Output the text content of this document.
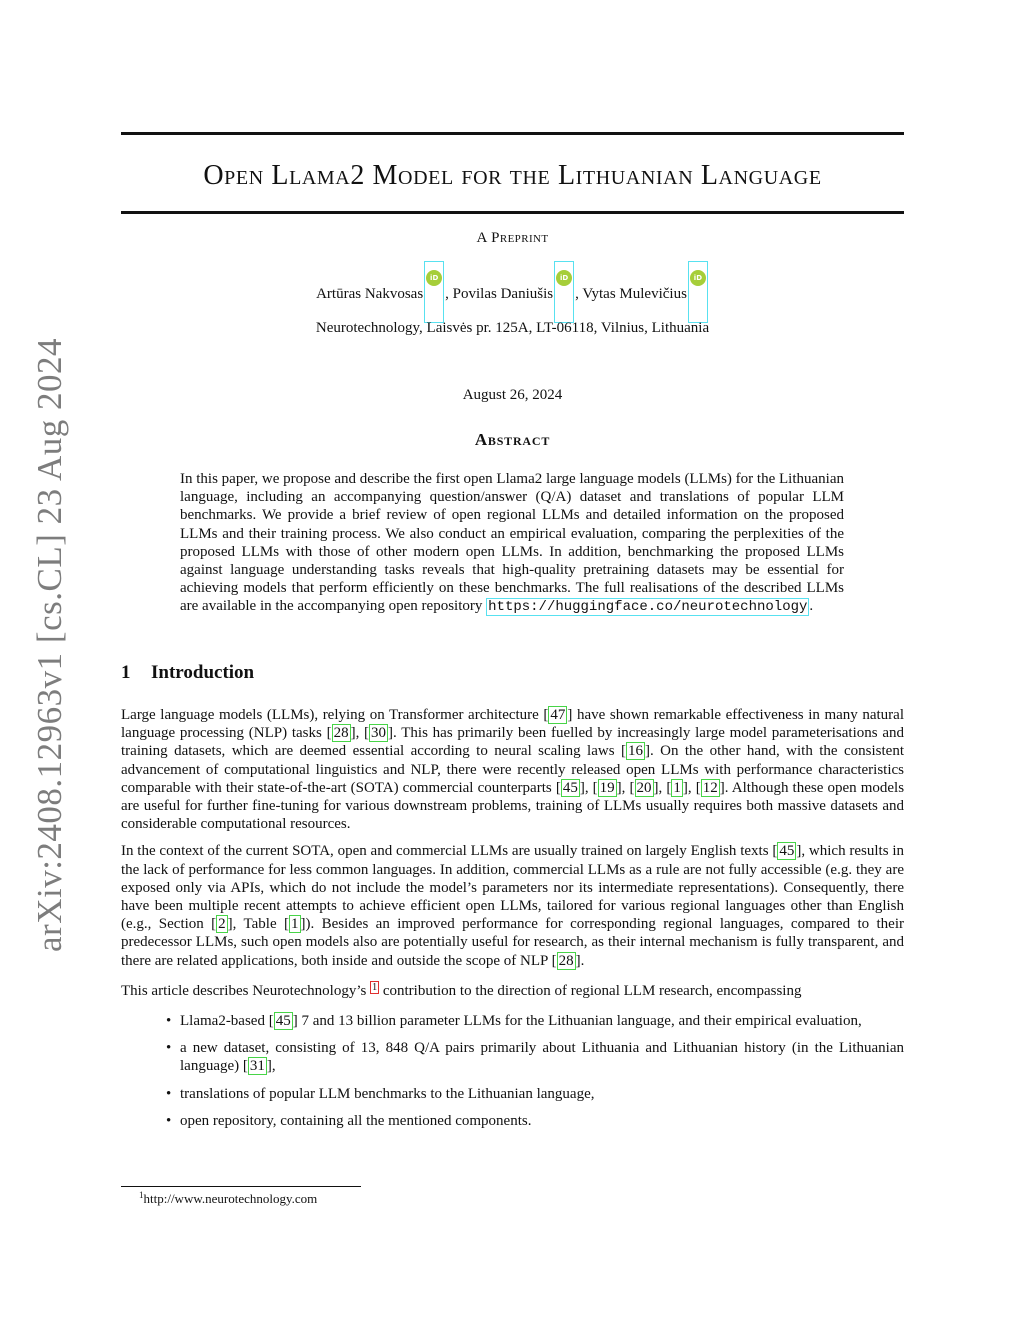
arXiv:2408.12963v1 [cs.CL] 23 Aug 2024
Open Llama2 Model for the Lithuanian Language
A Preprint
Artūras Nakvosas
iD
, Povilas Daniušis
iD
, Vytas Mulevičius
iD
Neurotechnology, Laisvės pr. 125A, LT-06118, Vilnius, Lithuania
August 26, 2024
Abstract

In this paper, we propose and describe the first open Llama2 large language models (LLMs) for the Lithuanian language, including an accompanying question/answer (Q/A) dataset and translations of popular LLM benchmarks. We provide a brief review of open regional LLMs and detailed information on the proposed LLMs and their training process. We also conduct an empirical evaluation, comparing the perplexities of the proposed LLMs with those of other modern open LLMs. In addition, benchmarking the proposed LLMs against language understanding tasks reveals that high-quality pretraining datasets may be essential for achieving models that perform efficiently on these benchmarks. The full realisations of the described LLMs are available in the accompanying open repository https://huggingface.co/neurotechnology .

1 Introduction

Large language models (LLMs), relying on Transformer architecture [ 47 ] have shown remarkable effectiveness in many natural language processing (NLP) tasks [ 28 ], [ 30 ]. This has primarily been fuelled by increasingly large model parameterisations and training datasets, which are deemed essential according to neural scaling laws [ 16 ]. On the other hand, with the consistent advancement of computational linguistics and NLP, there were recently released open LLMs with performance characteristics comparable with their state-of-the-art (SOTA) commercial counterparts [ 45 ], [ 19 ], [ 20 ], [ 1 ], [ 12 ]. Although these open models are useful for further fine-tuning for various downstream problems, training of LLMs usually requires both massive datasets and considerable computational resources.

In the context of the current SOTA, open and commercial LLMs are usually trained on largely English texts [ 45 ], which results in the lack of performance for less common languages. In addition, commercial LLMs as a rule are not fully accessible (e.g. they are exposed only via APIs, which do not include the model’s parameters nor its intermediate representations). Consequently, there have been multiple recent attempts to achieve efficient open LLMs, tailored for various regional languages other than English (e.g., Section [ 2 ], Table [ 1 ]). Besides an improved performance for corresponding regional languages, compared to their predecessor LLMs, such open models also are potentially useful for research, as their internal mechanism is fully transparent, and there are related applications, both inside and outside the scope of NLP [ 28 ].

This article describes Neurotechnology’s $^1$ contribution to the direction of regional LLM research, encompassing

• Llama2-based [ 45 ] 7 and 13 billion parameter LLMs for the Lithuanian language, and their empirical evaluation,
• a new dataset, consisting of 13, 848 Q/A pairs primarily about Lithuania and Lithuanian history (in the Lithuanian language) [ 31 ],
• translations of popular LLM benchmarks to the Lithuanian language,
• open repository, containing all the mentioned components.
$^1$http://www.neurotechnology.com
